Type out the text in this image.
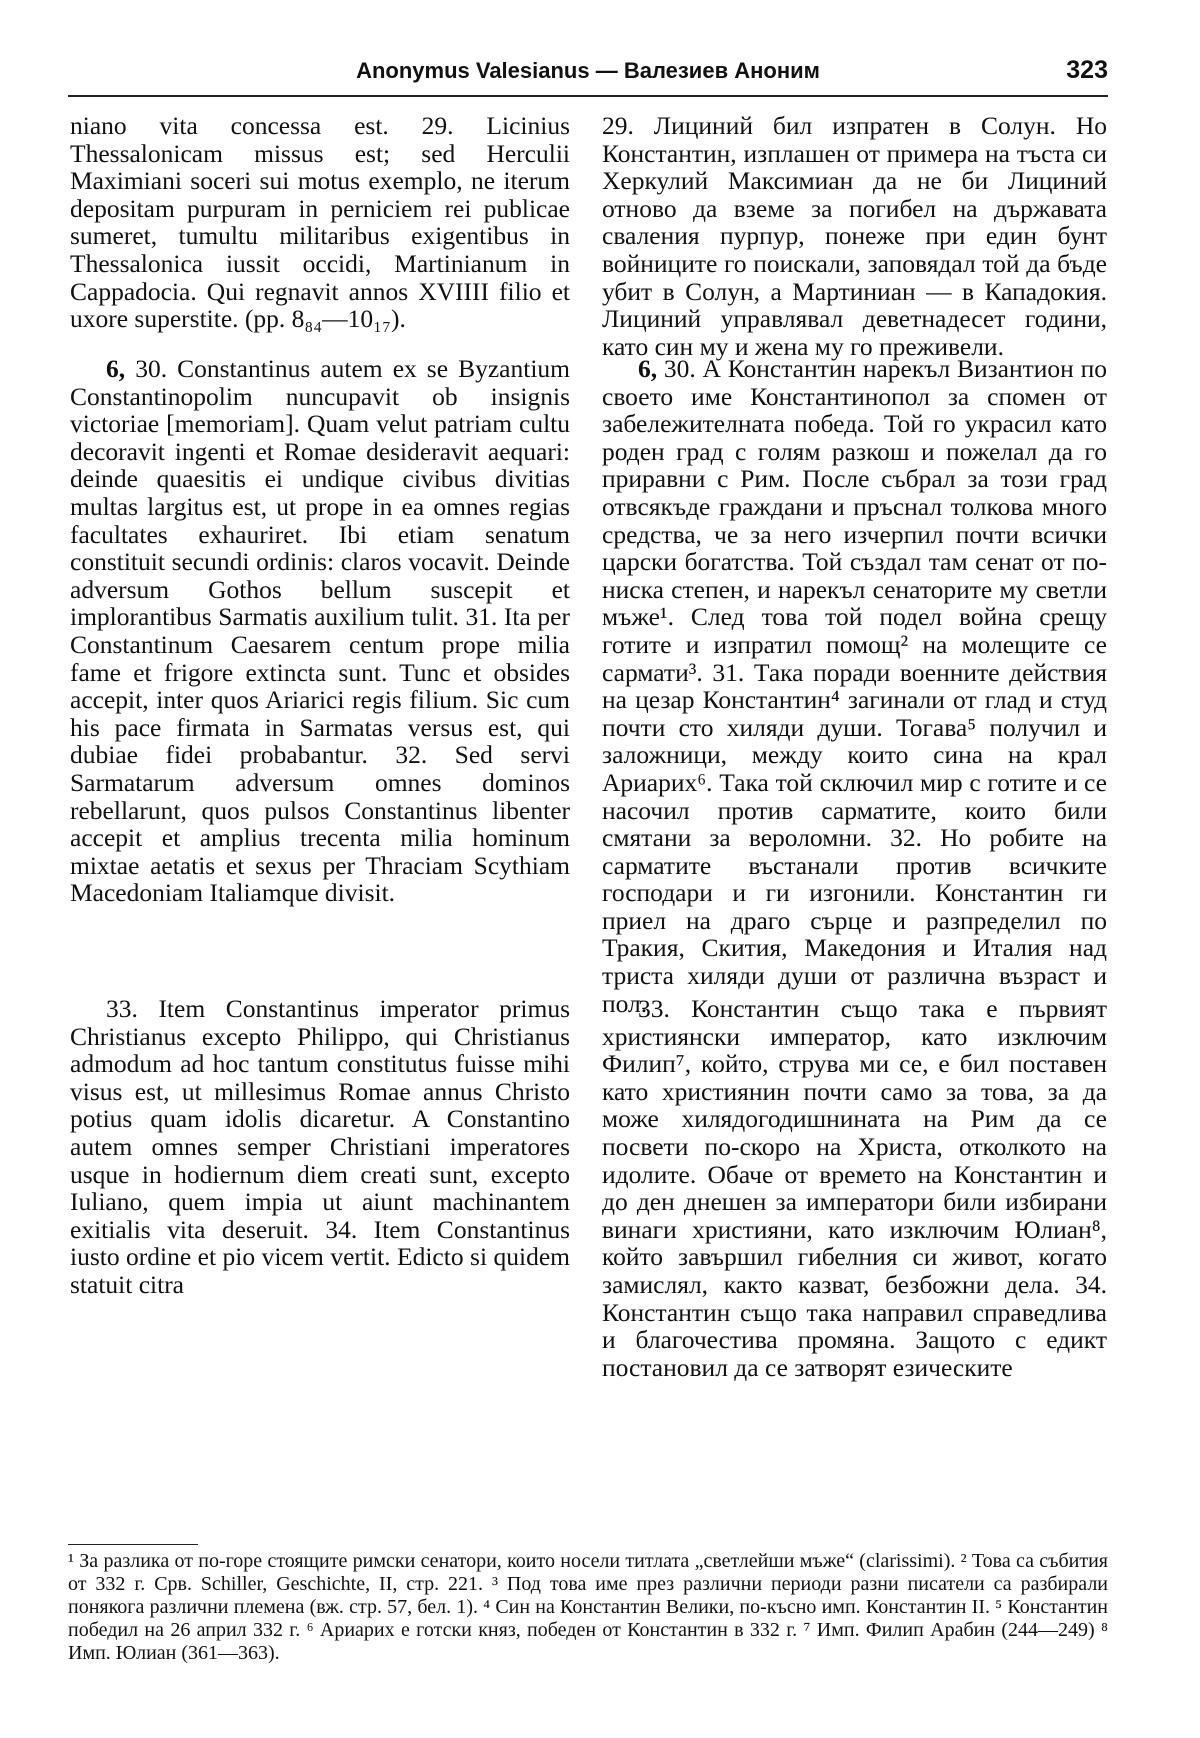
Anonymus Valesianus — Валезиев Аноним	323

niano vita concessa est. 29. Licinius Thessalonicam missus est; sed Herculii Maximiani soceri sui motus exemplo, ne iterum depositam purpuram in perniciem rei publicae sumeret, tumultu militaribus exigentibus in Thessalonica iussit occidi, Martinianum in Cappadocia. Qui regnavit annos XVIIII filio et uxore superstite. (pp. 8₈₄—10₁₇).

6, 30. Constantinus autem ex se Byzantium Constantinopolim nuncupavit ob insignis victoriae [memoriam]. Quam velut patriam cultu decoravit ingenti et Romae desideravit aequari: deinde quaesitis ei undique civibus divitias multas largitus est, ut prope in ea omnes regias facultates exhauriret. Ibi etiam senatum constituit secundi ordinis: claros vocavit. Deinde adversum Gothos bellum suscepit et implorantibus Sarmatis auxilium tulit. 31. Ita per Constantinum Caesarem centum prope milia fame et frigore extincta sunt. Tunc et obsides accepit, inter quos Ariarici regis filium. Sic cum his pace firmata in Sarmatas versus est, qui dubiae fidei probabantur. 32. Sed servi Sarmatarum adversum omnes dominos rebellarunt, quos pulsos Constantinus libenter accepit et amplius trecenta milia hominum mixtae aetatis et sexus per Thraciam Scythiam Macedoniam Italiamque divisit.

33. Item Constantinus imperator primus Christianus excepto Philippo, qui Christianus admodum ad hoc tantum constitutus fuisse mihi visus est, ut millesimus Romae annus Christo potius quam idolis dicaretur. A Constantino autem omnes semper Christiani imperatores usque in hodiernum diem creati sunt, excepto Iuliano, quem impia ut aiunt machinantem exitialis vita deseruit. 34. Item Constantinus iusto ordine et pio vicem vertit. Edicto si quidem statuit citra

29. Лициний бил изпратен в Солун. Но Константин, изплашен от примера на тъста си Херкулий Максимиан да не би Лициний отново да вземе за погибел на държавата сваления пурпур, понеже при един бунт войниците го поискали, заповядал той да бъде убит в Солун, а Мартиниан — в Кападокия. Лициний управлявал деветнадесет години, като син му и жена му го преживели.

6, 30. А Константин нарекъл Византион по своето име Константинопол за спомен от забележителната победа. Той го украсил като роден град с голям разкош и пожелал да го приравни с Рим. После събрал за този град отвсякъде граждани и пръснал толкова много средства, че за него изчерпил почти всички царски богатства. Той създал там сенат от по-ниска степен, и нарекъл сенаторите му светли мъже¹. След това той подел война срещу готите и изпратил помощ² на молещите се сармати³. 31. Така поради военните действия на цезар Константин⁴ загинали от глад и студ почти сто хиляди души. Тогава⁵ получил и заложници, между които сина на крал Ариарих⁶. Така той сключил мир с готите и се насочил против сарматите, които били смятани за вероломни. 32. Но робите на сарматите въстанали против всичките господари и ги изгонили. Константин ги приел на драго сърце и разпределил по Тракия, Скития, Македония и Италия над триста хиляди души от различна възраст и пол.

33. Константин също така е първият християнски император, като изключим Филип⁷, който, струва ми се, е бил поставен като християнин почти само за това, за да може хилядогодишнината на Рим да се посвети по-скоро на Христа, отколкото на идолите. Обаче от времето на Константин и до ден днешен за императори били избирани винаги християни, като изключим Юлиан⁸, който завършил гибелния си живот, когато замислял, както казват, безбожни дела. 34. Константин също така направил справедлива и благочестива промяна. Защото с едикт постановил да се затворят езическите

¹ За разлика от по-горе стоящите римски сенатори, които носели титлата „светлейши мъже“ (clarissimi). ² Това са събития от 332 г. Срв. Schiller, Geschichte, II, стр. 221. ³ Под това име през различни периоди разни писатели са разбирали понякога различни племена (вж. стр. 57, бел. 1). ⁴ Син на Константин Велики, по-късно имп. Константин II. ⁵ Константин победил на 26 април 332 г. ⁶ Ариарих е готски княз, победен от Константин в 332 г. ⁷ Имп. Филип Арабин (244—249) ⁸ Имп. Юлиан (361—363).
